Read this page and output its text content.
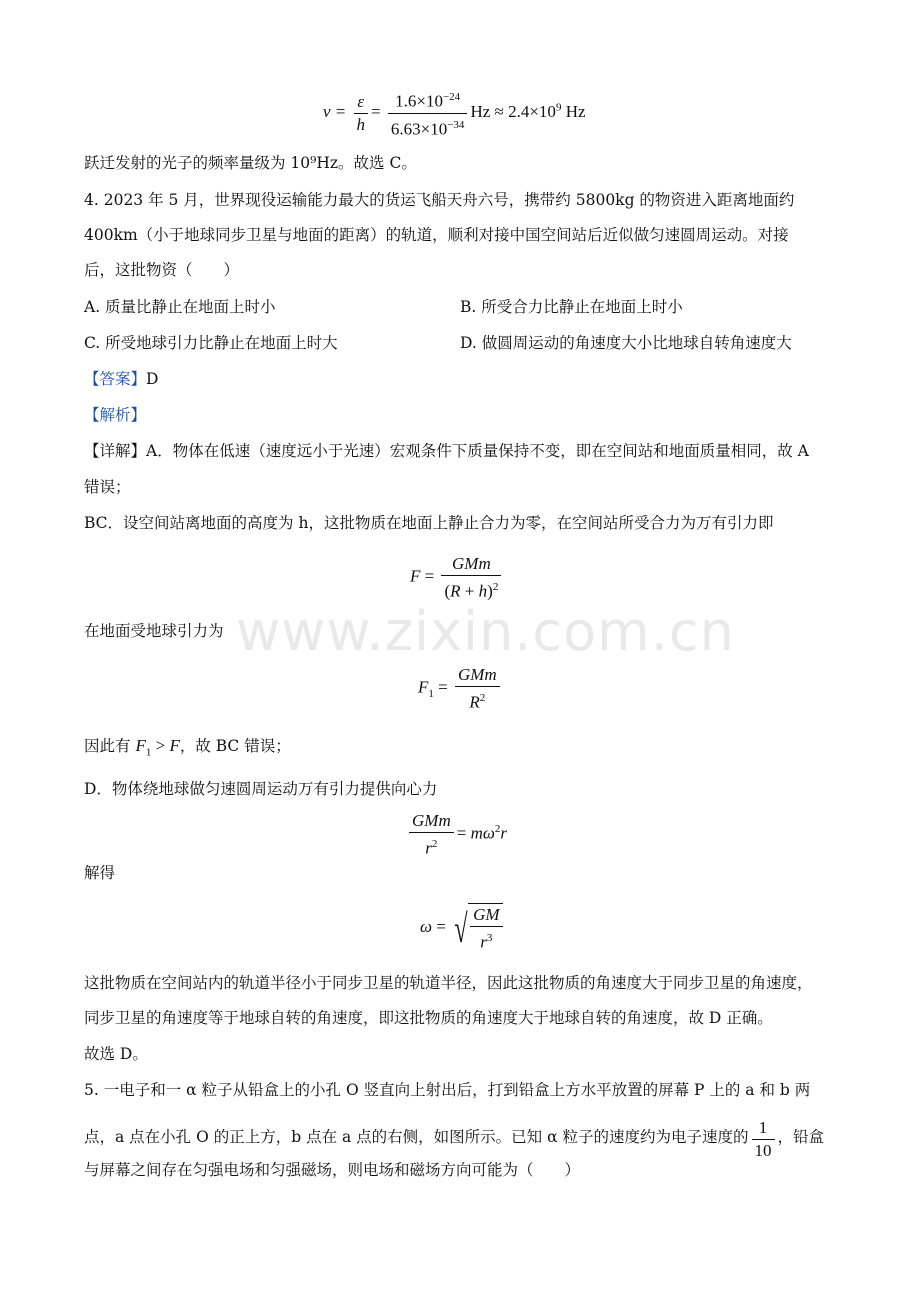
$\nu = \frac{\varepsilon}{h} = \frac{1.6\times 10^{-24}}{6.63\times 10^{-34}}$ $Hz \approx 2.4\times 10^9$ Hz
跃迁发射的光子的频率量级为 10⁹Hz。故选 C。
4. 2023 年 5 月，世界现役运输能力最大的货运飞船天舟六号，携带约 5800kg 的物资进入距离地面约
400km（小于地球同步卫星与地面的距离）的轨道，顺利对接中国空间站后近似做匀速圆周运动。对接
后，这批物资（　　）
A. 质量比静止在地面上时小	B. 所受合力比静止在地面上时小
C. 所受地球引力比静止在地面上时大	D. 做圆周运动的角速度大小比地球自转角速度大
【答案】D
【解析】
【详解】A．物体在低速（速度远小于光速）宏观条件下质量保持不变，即在空间站和地面质量相同，故 A
错误；
BC．设空间站离地面的高度为 h，这批物质在地面上静止合力为零，在空间站所受合力为万有引力即
$F = \frac{\text{GMm}}{(R + h)^2}$
在地面受地球引力为
$F_1 = \frac{\text{GMm}}{R^2}$
因此有 $F_1 > F$，故 BC 错误；
D．物体绕地球做匀速圆周运动万有引力提供向心力
$\frac{\text{GMm}}{r^2} = m\omega^2r$
解得
ω = √ $\frac{GM}{r^3}$
这批物质在空间站内的轨道半径小于同步卫星的轨道半径，因此这批物质的角速度大于同步卫星的角速度，
同步卫星的角速度等于地球自转的角速度，即这批物质的角速度大于地球自转的角速度，故 D 正确。
故选 D。
5. 一电子和一 α 粒子从铅盒上的小孔 O 竖直向上射出后，打到铅盒上方水平放置的屏幕 P 上的 a 和 b 两
点，a 点在小孔 O 的正上方，b 点在 a 点的右侧，如图所示。已知 α 粒子的速度约为电子速度的 $\frac{1}{10}$ ，铅盒
与屏幕之间存在匀强电场和匀强磁场，则电场和磁场方向可能为（　　）
www.zixin.com.cn
